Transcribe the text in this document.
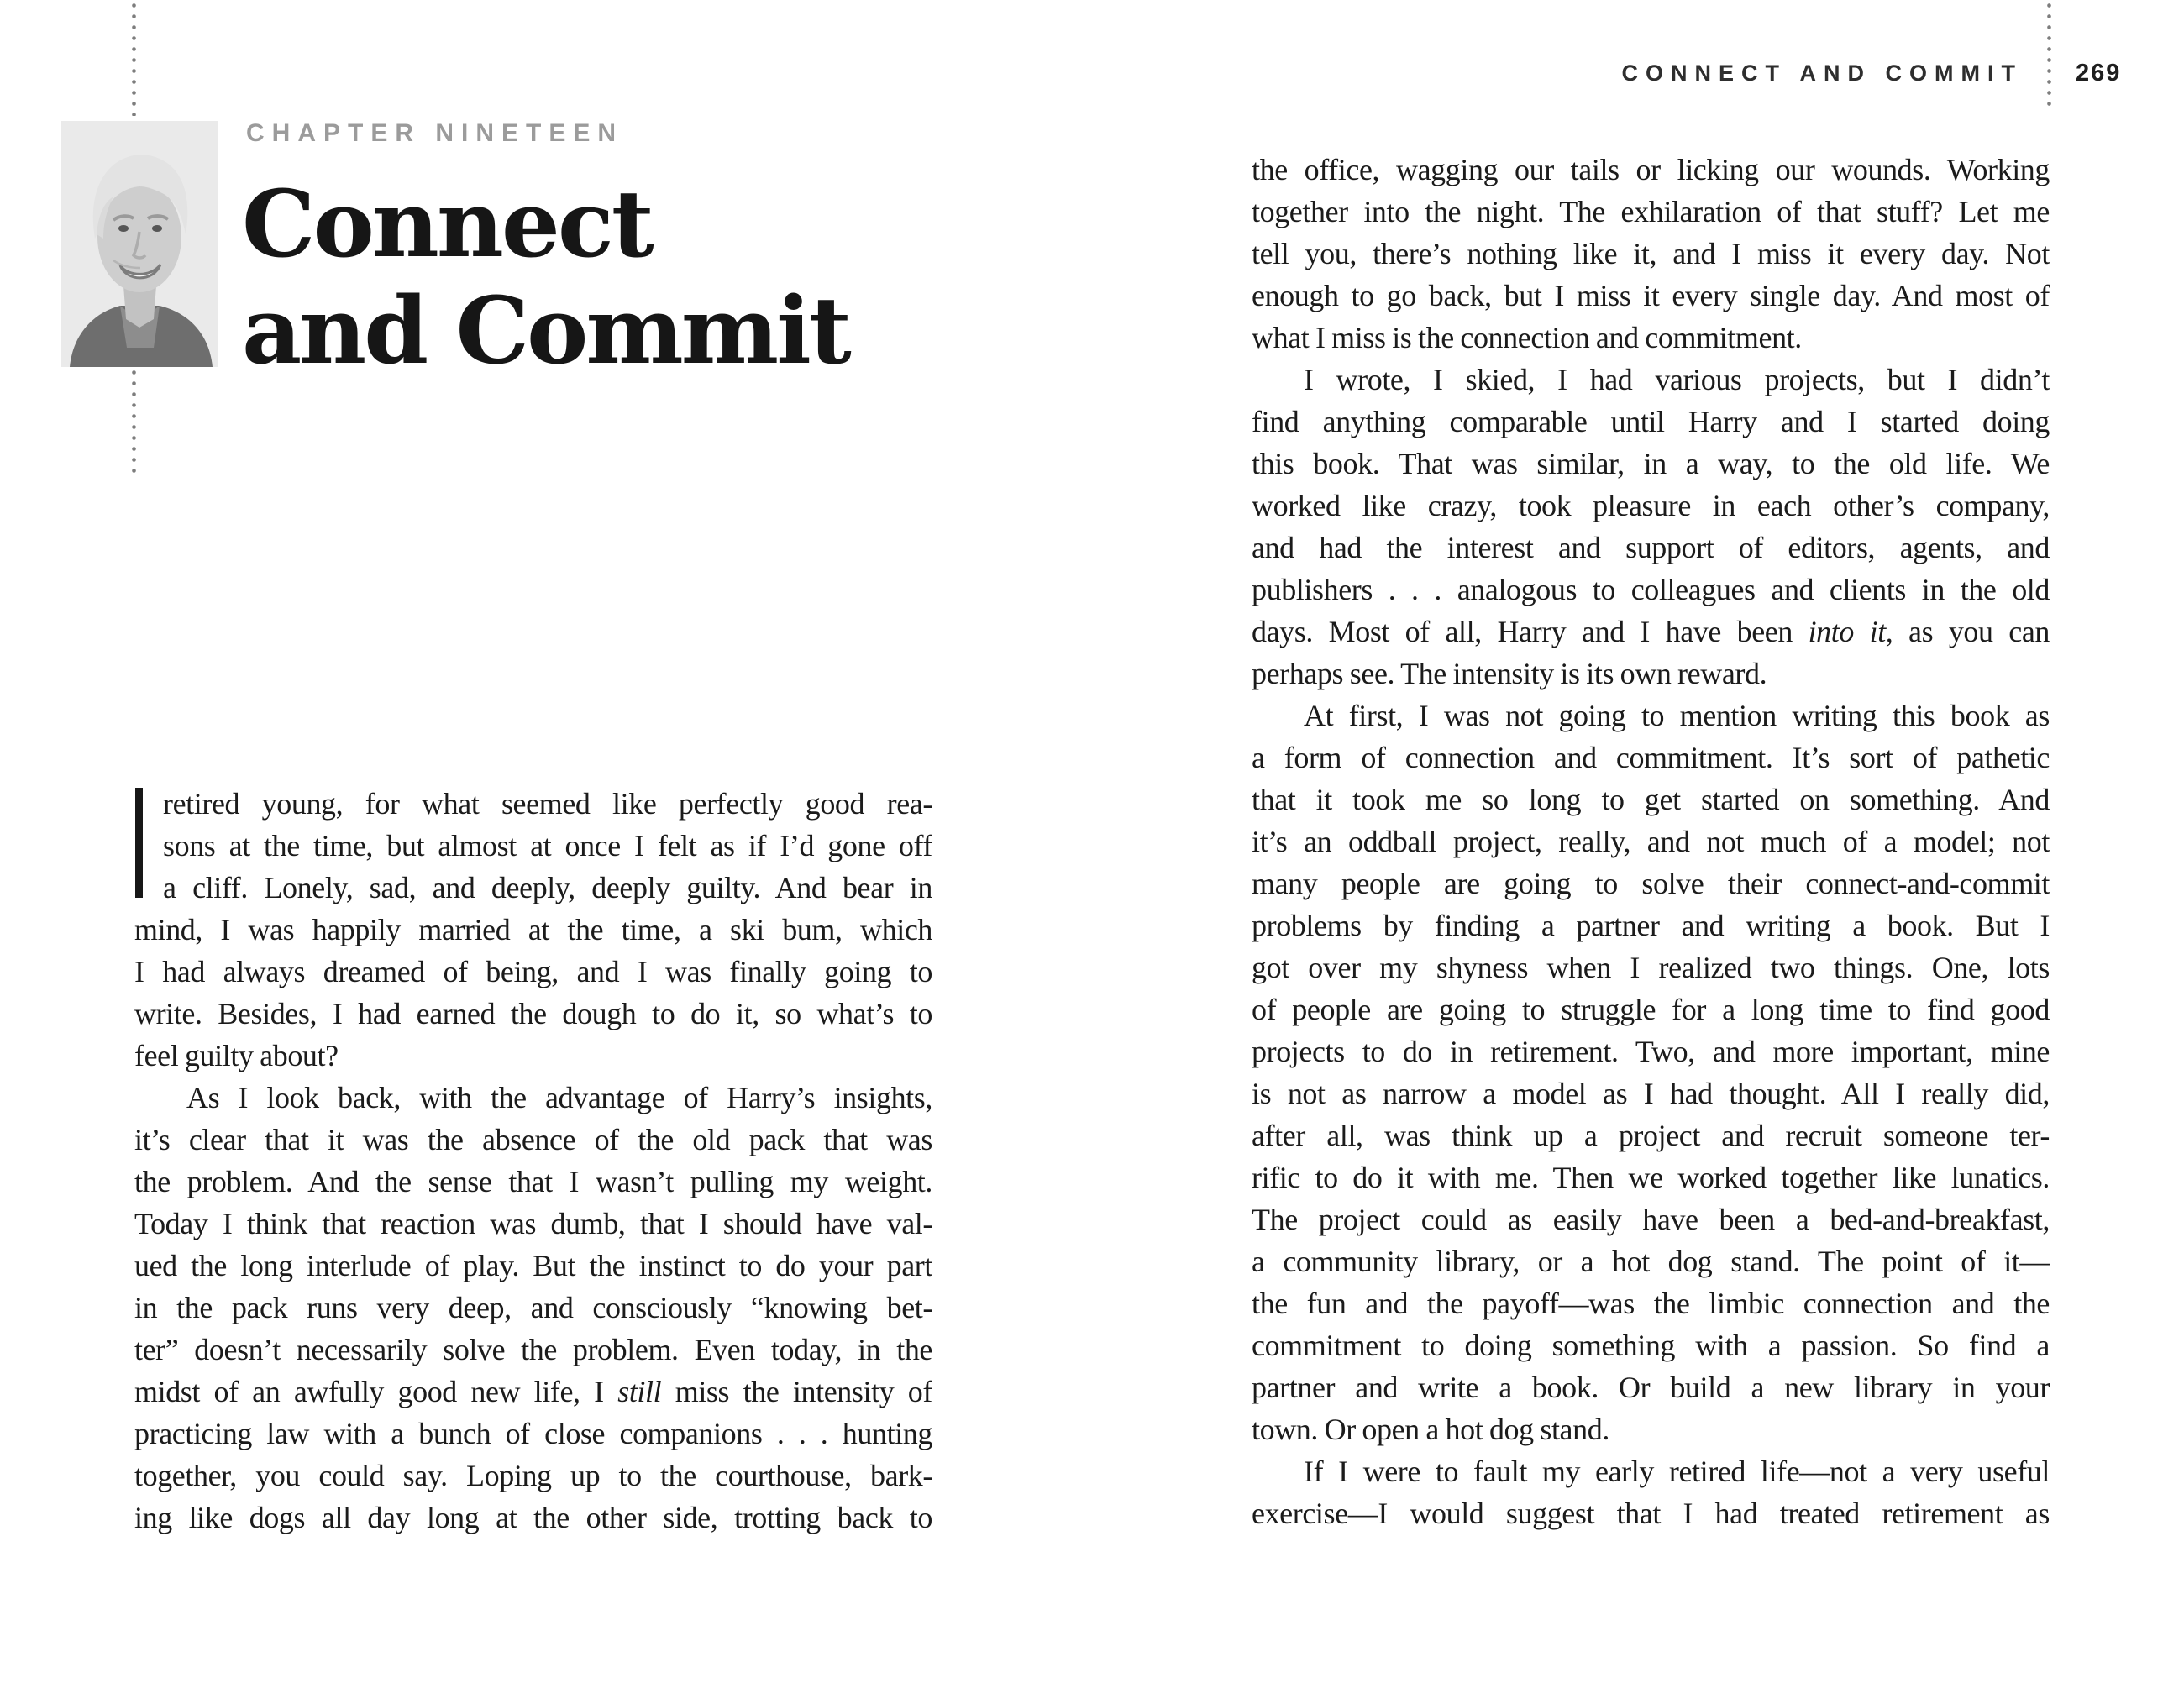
CHAPTER NINETEEN
Connect
and Commit
CONNECT AND COMMIT 269
retired young, for what seemed like perfectly good rea-
sons at the time, but almost at once I felt as if I’d gone off
a cliff. Lonely, sad, and deeply, deeply guilty. And bear in
mind, I was happily married at the time, a ski bum, which
I had always dreamed of being, and I was finally going to
write. Besides, I had earned the dough to do it, so what’s to
feel guilty about?
As I look back, with the advantage of Harry’s insights,
it’s clear that it was the absence of the old pack that was
the problem. And the sense that I wasn’t pulling my weight.
Today I think that reaction was dumb, that I should have val-
ued the long interlude of play. But the instinct to do your part
in the pack runs very deep, and consciously “knowing bet-
ter” doesn’t necessarily solve the problem. Even today, in the
midst of an awfully good new life, I still miss the intensity of
practicing law with a bunch of close companions . . . hunting
together, you could say. Loping up to the courthouse, bark-
ing like dogs all day long at the other side, trotting back to
the office, wagging our tails or licking our wounds. Working
together into the night. The exhilaration of that stuff? Let me
tell you, there’s nothing like it, and I miss it every day. Not
enough to go back, but I miss it every single day. And most of
what I miss is the connection and commitment.
I wrote, I skied, I had various projects, but I didn’t
find anything comparable until Harry and I started doing
this book. That was similar, in a way, to the old life. We
worked like crazy, took pleasure in each other’s company,
and had the interest and support of editors, agents, and
publishers . . . analogous to colleagues and clients in the old
days. Most of all, Harry and I have been into it, as you can
perhaps see. The intensity is its own reward.
At first, I was not going to mention writing this book as
a form of connection and commitment. It’s sort of pathetic
that it took me so long to get started on something. And
it’s an oddball project, really, and not much of a model; not
many people are going to solve their connect-and-commit
problems by finding a partner and writing a book. But I
got over my shyness when I realized two things. One, lots
of people are going to struggle for a long time to find good
projects to do in retirement. Two, and more important, mine
is not as narrow a model as I had thought. All I really did,
after all, was think up a project and recruit someone ter-
rific to do it with me. Then we worked together like lunatics.
The project could as easily have been a bed-and-breakfast,
a community library, or a hot dog stand. The point of it—
the fun and the payoff—was the limbic connection and the
commitment to doing something with a passion. So find a
partner and write a book. Or build a new library in your
town. Or open a hot dog stand.
If I were to fault my early retired life—not a very useful
exercise—I would suggest that I had treated retirement as
